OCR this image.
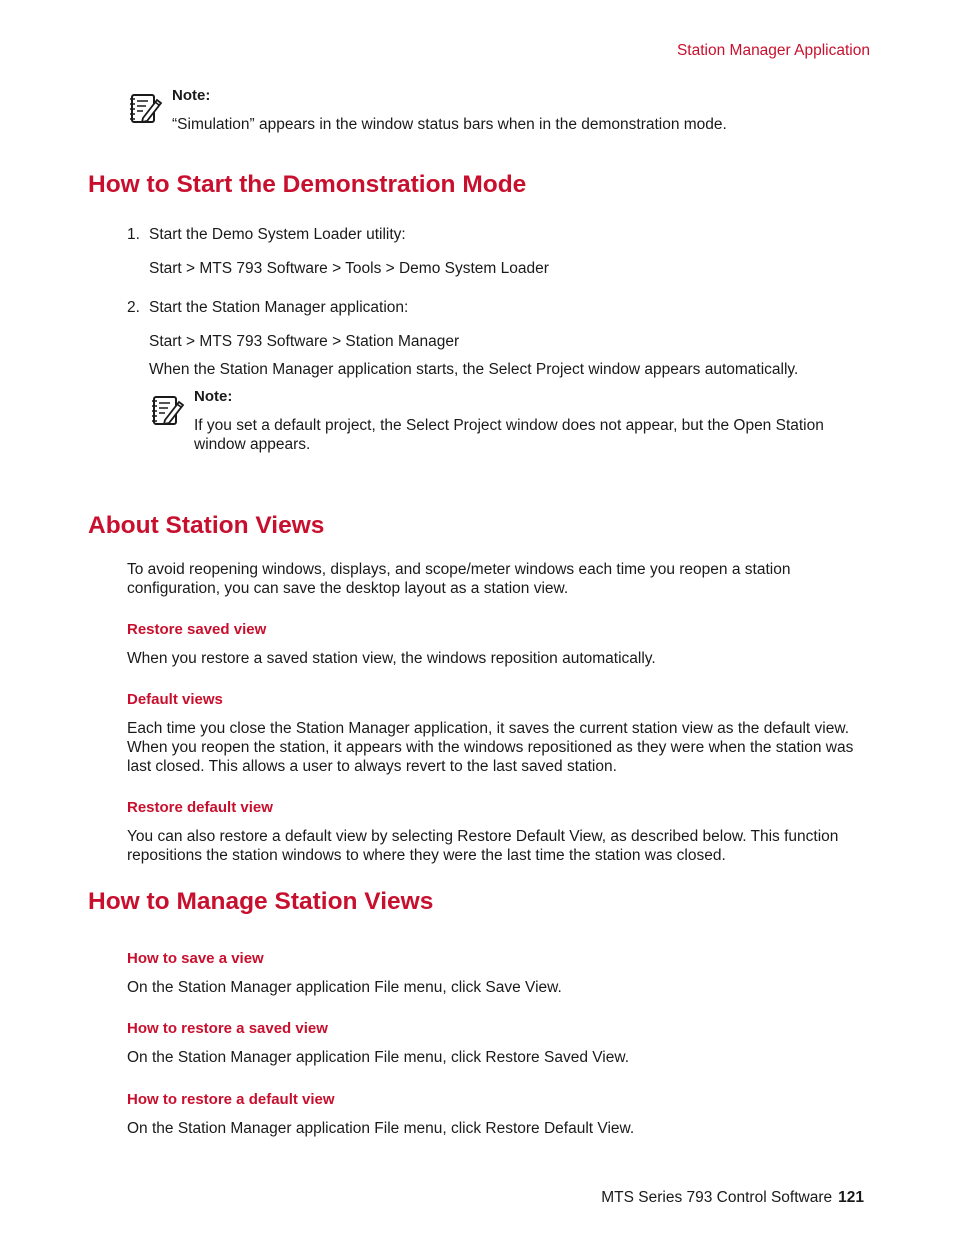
Station Manager Application
Note:
“Simulation” appears in the window status bars when in the demonstration mode.
How to Start the Demonstration Mode
1. Start the Demo System Loader utility:
Start > MTS 793 Software > Tools > Demo System Loader
2. Start the Station Manager application:
Start > MTS 793 Software > Station Manager
When the Station Manager application starts, the Select Project window appears automatically.
Note:
If you set a default project, the Select Project window does not appear, but the Open Station window appears.
About Station Views
To avoid reopening windows, displays, and scope/meter windows each time you reopen a station configuration, you can save the desktop layout as a station view.
Restore saved view
When you restore a saved station view, the windows reposition automatically.
Default views
Each time you close the Station Manager application, it saves the current station view as the default view. When you reopen the station, it appears with the windows repositioned as they were when the station was last closed. This allows a user to always revert to the last saved station.
Restore default view
You can also restore a default view by selecting Restore Default View, as described below. This function repositions the station windows to where they were the last time the station was closed.
How to Manage Station Views
How to save a view
On the Station Manager application File menu, click Save View.
How to restore a saved view
On the Station Manager application File menu, click Restore Saved View.
How to restore a default view
On the Station Manager application File menu, click Restore Default View.
MTS Series 793 Control Software 121
